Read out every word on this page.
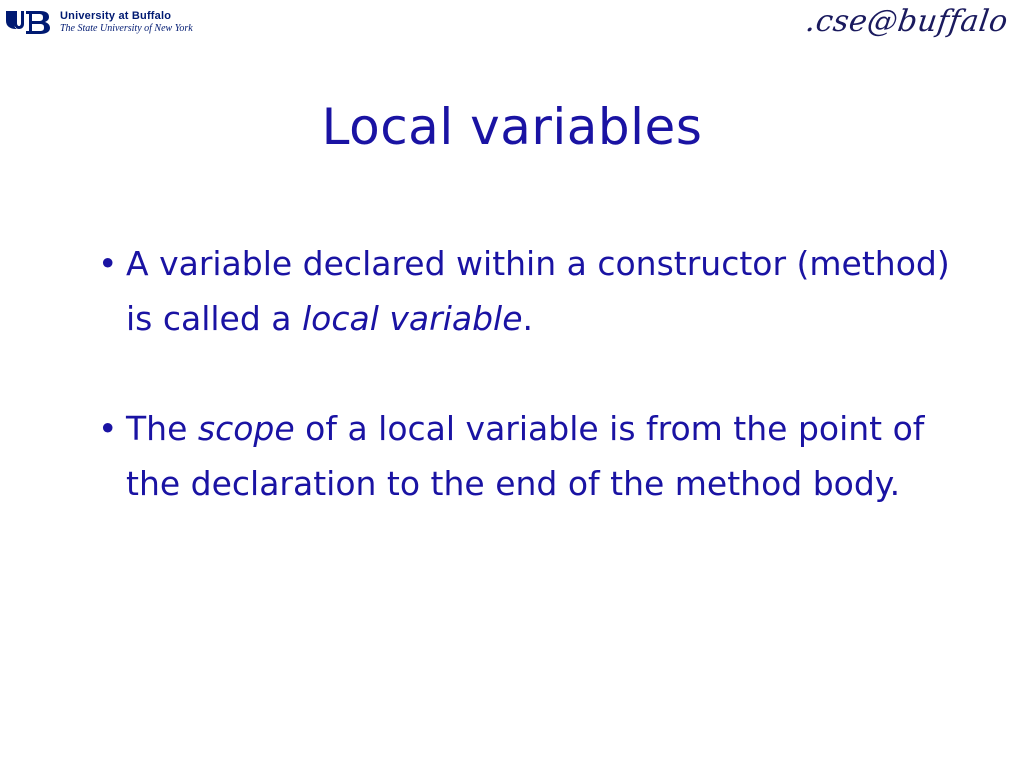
University at Buffalo
The State University of New York	.cse@buffalo
Local variables
• A variable declared within a constructor (method) is called a local variable.
• The scope of a local variable is from the point of the declaration to the end of the method body.
